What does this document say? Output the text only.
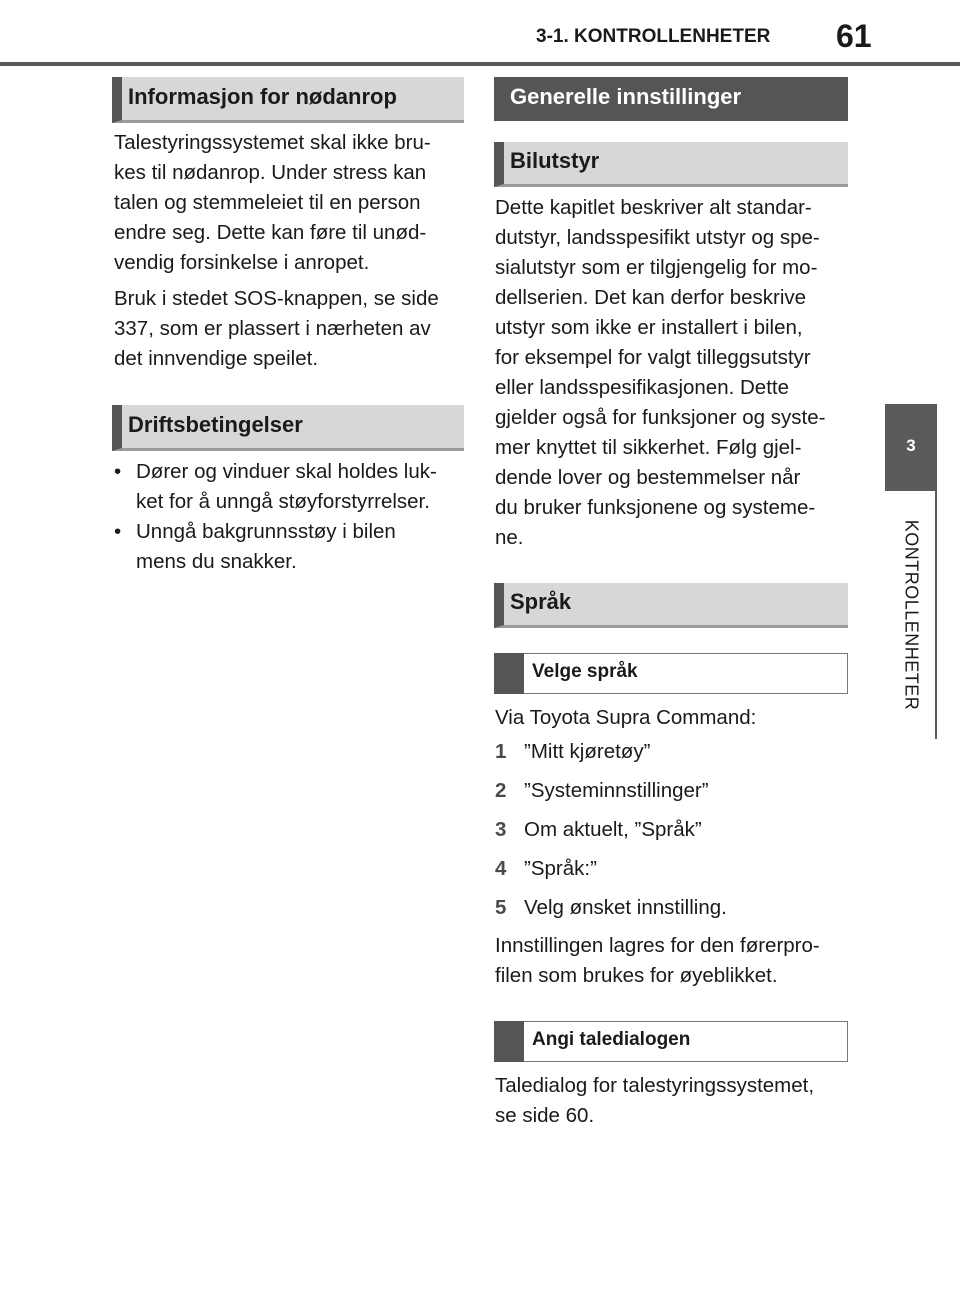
3-1. KONTROLLENHETER 61
3
KONTROLLENHETER
Informasjon for nødanrop
Talestyringssystemet skal ikke bru-
kes til nødanrop. Under stress kan
talen og stemmeleiet til en person
endre seg. Dette kan føre til unød-
vendig forsinkelse i anropet.
Bruk i stedet SOS-knappen, se side
337, som er plassert i nærheten av
det innvendige speilet.
Driftsbetingelser
• Dører og vinduer skal holdes luk-
ket for å unngå støyforstyrrelser.
• Unngå bakgrunnsstøy i bilen
mens du snakker.
Generelle innstillinger
Bilutstyr
Dette kapitlet beskriver alt standar-
dutstyr, landsspesifikt utstyr og spe-
sialutstyr som er tilgjengelig for mo-
dellserien. Det kan derfor beskrive
utstyr som ikke er installert i bilen,
for eksempel for valgt tilleggsutstyr
eller landsspesifikasjonen. Dette
gjelder også for funksjoner og syste-
mer knyttet til sikkerhet. Følg gjel-
dende lover og bestemmelser når
du bruker funksjonene og systeme-
ne.
Språk
Velge språk
Via Toyota Supra Command:
1 ”Mitt kjøretøy”
2 ”Systeminnstillinger”
3 Om aktuelt, ”Språk”
4 ”Språk:”
5 Velg ønsket innstilling.
Innstillingen lagres for den førerpro-
filen som brukes for øyeblikket.
Angi taledialogen
Taledialog for talestyringssystemet,
se side 60.
